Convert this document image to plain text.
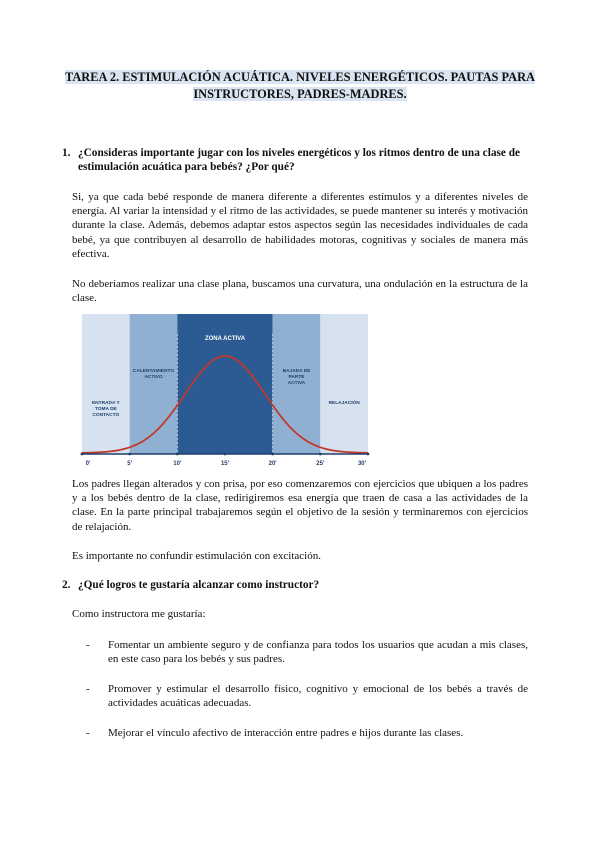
TAREA 2. ESTIMULACIÓN ACUÁTICA. NIVELES ENERGÉTICOS. PAUTAS PARA INSTRUCTORES, PADRES-MADRES.
1. ¿Consideras importante jugar con los niveles energéticos y los ritmos dentro de una clase de estimulación acuática para bebés? ¿Por qué?
Si, ya que cada bebé responde de manera diferente a diferentes estímulos y a diferentes niveles de energía. Al variar la intensidad y el ritmo de las actividades, se puede mantener su interés y motivación durante la clase. Además, debemos adaptar estos aspectos según las necesidades individuales de cada bebé, ya que contribuyen al desarrollo de habilidades motoras, cognitivas y sociales de manera más efectiva.
No deberíamos realizar una clase plana, buscamos una curvatura, una ondulación en la estructura de la clase.
ENTRADA Y TOMA DE CONTACTO
CALENTAMIENTO ACTIVO
ZONA ACTIVA
BAJADA DE PARTE ACTIVA
RELAJACIÓN
0'	5'	10'	15'	20'	25'	30'
Los padres llegan alterados y con prisa, por eso comenzaremos con ejercicios que ubiquen a los padres y a los bebés dentro de la clase, redirigiremos esa energía que traen de casa a las actividades de la clase. En la parte principal trabajaremos según el objetivo de la sesión y terminaremos con ejercicios de relajación.
Es importante no confundir estimulación con excitación.
2. ¿Qué logros te gustaría alcanzar como instructor?
Como instructora me gustaría:
- Fomentar un ambiente seguro y de confianza para todos los usuarios que acudan a mis clases, en este caso para los bebés y sus padres.
- Promover y estimular el desarrollo físico, cognitivo y emocional de los bebés a través de actividades acuáticas adecuadas.
- Mejorar el vínculo afectivo de interacción entre padres e hijos durante las clases.
